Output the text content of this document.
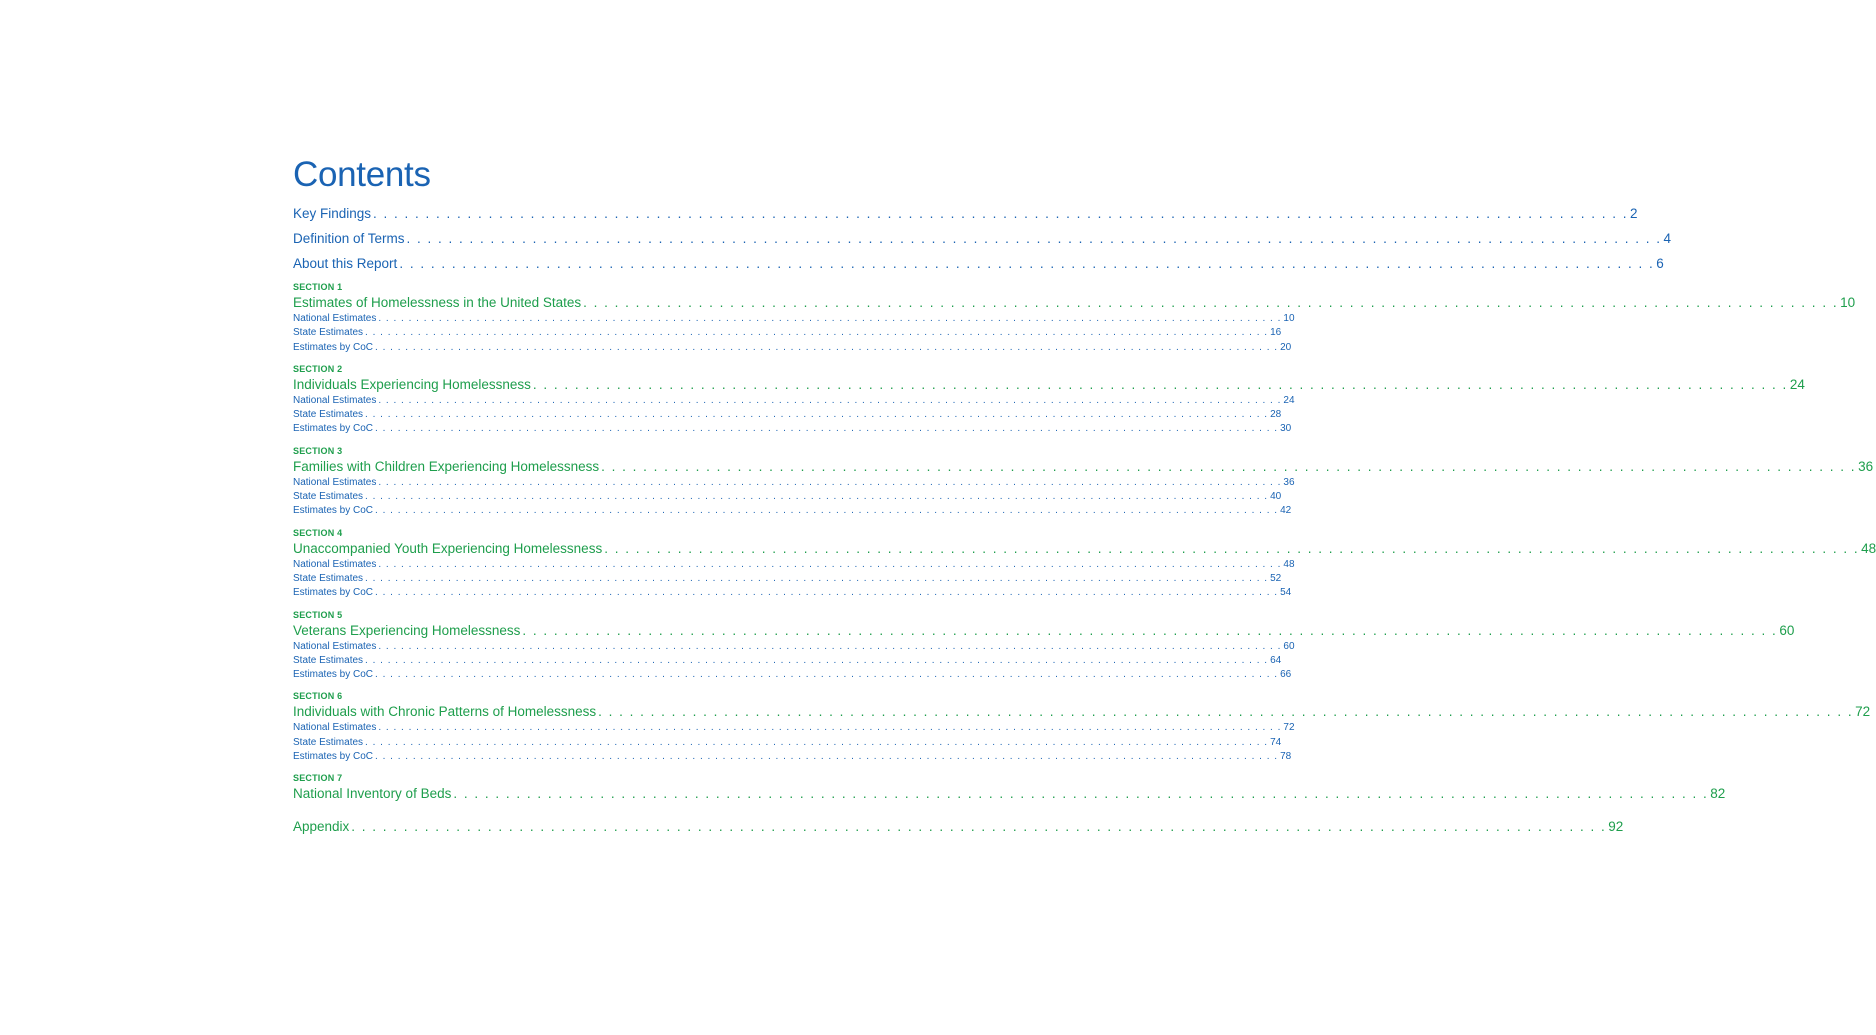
Contents
Key Findings . . . . . . . . . . . . . . . . . . . . . . . . . . . . . . . . . . . . . . . . . . . . . . . . . . . . . . . . . . . . . . . . . . . . . . . . . . . . . . . . . . . . . . . . . . . . . . . . . . . . . . . . . . . . . . . . . . . . . . . . 2
Definition of Terms . . . . . . . . . . . . . . . . . . . . . . . . . . . . . . . . . . . . . . . . . . . . . . . . . . . . . . . . . . . . . . . . . . . . . . . . . . . . . . . . . . . . . . . . . . . . . . . . . . . . . . . . . . . . . . . . . . . . . . . . 4
About this Report . . . . . . . . . . . . . . . . . . . . . . . . . . . . . . . . . . . . . . . . . . . . . . . . . . . . . . . . . . . . . . . . . . . . . . . . . . . . . . . . . . . . . . . . . . . . . . . . . . . . . . . . . . . . . . . . . . . . . . . . 6
SECTION 1
Estimates of Homelessness in the United States . . . . . . . . . . . . . . . . . . . . . . . . . . . . . . . . . . . . . . . . . . . . . . . . . . . . . . . . . . . . . . . . . . . . . . . . . . . . . . . . . . . . . . . . . . . . . . . . . . . . . . . . . . . . . . . . . . . . . . . . 10
National Estimates . . . . . . . . . . . . . . . . . . . . . . . . . . . . . . . . . . . . . . . . . . . . . . . . . . . . . . . . . . . . . . . . . . . . . . . . . . . . . . . . . . . . . . . . . . . . . . . . . . . . . . . . . . . . . . . . . . . . . . . . 10
State Estimates . . . . . . . . . . . . . . . . . . . . . . . . . . . . . . . . . . . . . . . . . . . . . . . . . . . . . . . . . . . . . . . . . . . . . . . . . . . . . . . . . . . . . . . . . . . . . . . . . . . . . . . . . . . . . . . . . . . . . . . . 16
Estimates by CoC . . . . . . . . . . . . . . . . . . . . . . . . . . . . . . . . . . . . . . . . . . . . . . . . . . . . . . . . . . . . . . . . . . . . . . . . . . . . . . . . . . . . . . . . . . . . . . . . . . . . . . . . . . . . . . . . . . . . . . . . 20
SECTION 2
Individuals Experiencing Homelessness . . . . . . . . . . . . . . . . . . . . . . . . . . . . . . . . . . . . . . . . . . . . . . . . . . . . . . . . . . . . . . . . . . . . . . . . . . . . . . . . . . . . . . . . . . . . . . . . . . . . . . . . . . . . . . . . . . . . . . . . 24
National Estimates . . . . . . . . . . . . . . . . . . . . . . . . . . . . . . . . . . . . . . . . . . . . . . . . . . . . . . . . . . . . . . . . . . . . . . . . . . . . . . . . . . . . . . . . . . . . . . . . . . . . . . . . . . . . . . . . . . . . . . . . 24
State Estimates . . . . . . . . . . . . . . . . . . . . . . . . . . . . . . . . . . . . . . . . . . . . . . . . . . . . . . . . . . . . . . . . . . . . . . . . . . . . . . . . . . . . . . . . . . . . . . . . . . . . . . . . . . . . . . . . . . . . . . . . 28
Estimates by CoC . . . . . . . . . . . . . . . . . . . . . . . . . . . . . . . . . . . . . . . . . . . . . . . . . . . . . . . . . . . . . . . . . . . . . . . . . . . . . . . . . . . . . . . . . . . . . . . . . . . . . . . . . . . . . . . . . . . . . . . . 30
SECTION 3
Families with Children Experiencing Homelessness . . . . . . . . . . . . . . . . . . . . . . . . . . . . . . . . . . . . . . . . . . . . . . . . . . . . . . . . . . . . . . . . . . . . . . . . . . . . . . . . . . . . . . . . . . . . . . . . . . . . . . . . . . . . . . . . . . . . . . . . 36
National Estimates . . . . . . . . . . . . . . . . . . . . . . . . . . . . . . . . . . . . . . . . . . . . . . . . . . . . . . . . . . . . . . . . . . . . . . . . . . . . . . . . . . . . . . . . . . . . . . . . . . . . . . . . . . . . . . . . . . . . . . . . 36
State Estimates . . . . . . . . . . . . . . . . . . . . . . . . . . . . . . . . . . . . . . . . . . . . . . . . . . . . . . . . . . . . . . . . . . . . . . . . . . . . . . . . . . . . . . . . . . . . . . . . . . . . . . . . . . . . . . . . . . . . . . . . 40
Estimates by CoC . . . . . . . . . . . . . . . . . . . . . . . . . . . . . . . . . . . . . . . . . . . . . . . . . . . . . . . . . . . . . . . . . . . . . . . . . . . . . . . . . . . . . . . . . . . . . . . . . . . . . . . . . . . . . . . . . . . . . . . . 42
SECTION 4
Unaccompanied Youth Experiencing Homelessness . . . . . . . . . . . . . . . . . . . . . . . . . . . . . . . . . . . . . . . . . . . . . . . . . . . . . . . . . . . . . . . . . . . . . . . . . . . . . . . . . . . . . . . . . . . . . . . . . . . . . . . . . . . . . . . . . . . . . . . . 48
National Estimates . . . . . . . . . . . . . . . . . . . . . . . . . . . . . . . . . . . . . . . . . . . . . . . . . . . . . . . . . . . . . . . . . . . . . . . . . . . . . . . . . . . . . . . . . . . . . . . . . . . . . . . . . . . . . . . . . . . . . . . . 48
State Estimates . . . . . . . . . . . . . . . . . . . . . . . . . . . . . . . . . . . . . . . . . . . . . . . . . . . . . . . . . . . . . . . . . . . . . . . . . . . . . . . . . . . . . . . . . . . . . . . . . . . . . . . . . . . . . . . . . . . . . . . . 52
Estimates by CoC . . . . . . . . . . . . . . . . . . . . . . . . . . . . . . . . . . . . . . . . . . . . . . . . . . . . . . . . . . . . . . . . . . . . . . . . . . . . . . . . . . . . . . . . . . . . . . . . . . . . . . . . . . . . . . . . . . . . . . . . 54
SECTION 5
Veterans Experiencing Homelessness . . . . . . . . . . . . . . . . . . . . . . . . . . . . . . . . . . . . . . . . . . . . . . . . . . . . . . . . . . . . . . . . . . . . . . . . . . . . . . . . . . . . . . . . . . . . . . . . . . . . . . . . . . . . . . . . . . . . . . . . 60
National Estimates . . . . . . . . . . . . . . . . . . . . . . . . . . . . . . . . . . . . . . . . . . . . . . . . . . . . . . . . . . . . . . . . . . . . . . . . . . . . . . . . . . . . . . . . . . . . . . . . . . . . . . . . . . . . . . . . . . . . . . . . 60
State Estimates . . . . . . . . . . . . . . . . . . . . . . . . . . . . . . . . . . . . . . . . . . . . . . . . . . . . . . . . . . . . . . . . . . . . . . . . . . . . . . . . . . . . . . . . . . . . . . . . . . . . . . . . . . . . . . . . . . . . . . . . 64
Estimates by CoC . . . . . . . . . . . . . . . . . . . . . . . . . . . . . . . . . . . . . . . . . . . . . . . . . . . . . . . . . . . . . . . . . . . . . . . . . . . . . . . . . . . . . . . . . . . . . . . . . . . . . . . . . . . . . . . . . . . . . . . . 66
SECTION 6
Individuals with Chronic Patterns of Homelessness . . . . . . . . . . . . . . . . . . . . . . . . . . . . . . . . . . . . . . . . . . . . . . . . . . . . . . . . . . . . . . . . . . . . . . . . . . . . . . . . . . . . . . . . . . . . . . . . . . . . . . . . . . . . . . . . . . . . . . . . 72
National Estimates . . . . . . . . . . . . . . . . . . . . . . . . . . . . . . . . . . . . . . . . . . . . . . . . . . . . . . . . . . . . . . . . . . . . . . . . . . . . . . . . . . . . . . . . . . . . . . . . . . . . . . . . . . . . . . . . . . . . . . . . 72
State Estimates . . . . . . . . . . . . . . . . . . . . . . . . . . . . . . . . . . . . . . . . . . . . . . . . . . . . . . . . . . . . . . . . . . . . . . . . . . . . . . . . . . . . . . . . . . . . . . . . . . . . . . . . . . . . . . . . . . . . . . . . 74
Estimates by CoC . . . . . . . . . . . . . . . . . . . . . . . . . . . . . . . . . . . . . . . . . . . . . . . . . . . . . . . . . . . . . . . . . . . . . . . . . . . . . . . . . . . . . . . . . . . . . . . . . . . . . . . . . . . . . . . . . . . . . . . . 78
SECTION 7
National Inventory of Beds . . . . . . . . . . . . . . . . . . . . . . . . . . . . . . . . . . . . . . . . . . . . . . . . . . . . . . . . . . . . . . . . . . . . . . . . . . . . . . . . . . . . . . . . . . . . . . . . . . . . . . . . . . . . . . . . . . . . . . . . 82
Appendix . . . . . . . . . . . . . . . . . . . . . . . . . . . . . . . . . . . . . . . . . . . . . . . . . . . . . . . . . . . . . . . . . . . . . . . . . . . . . . . . . . . . . . . . . . . . . . . . . . . . . . . . . . . . . . . . . . . . . . . . 92
